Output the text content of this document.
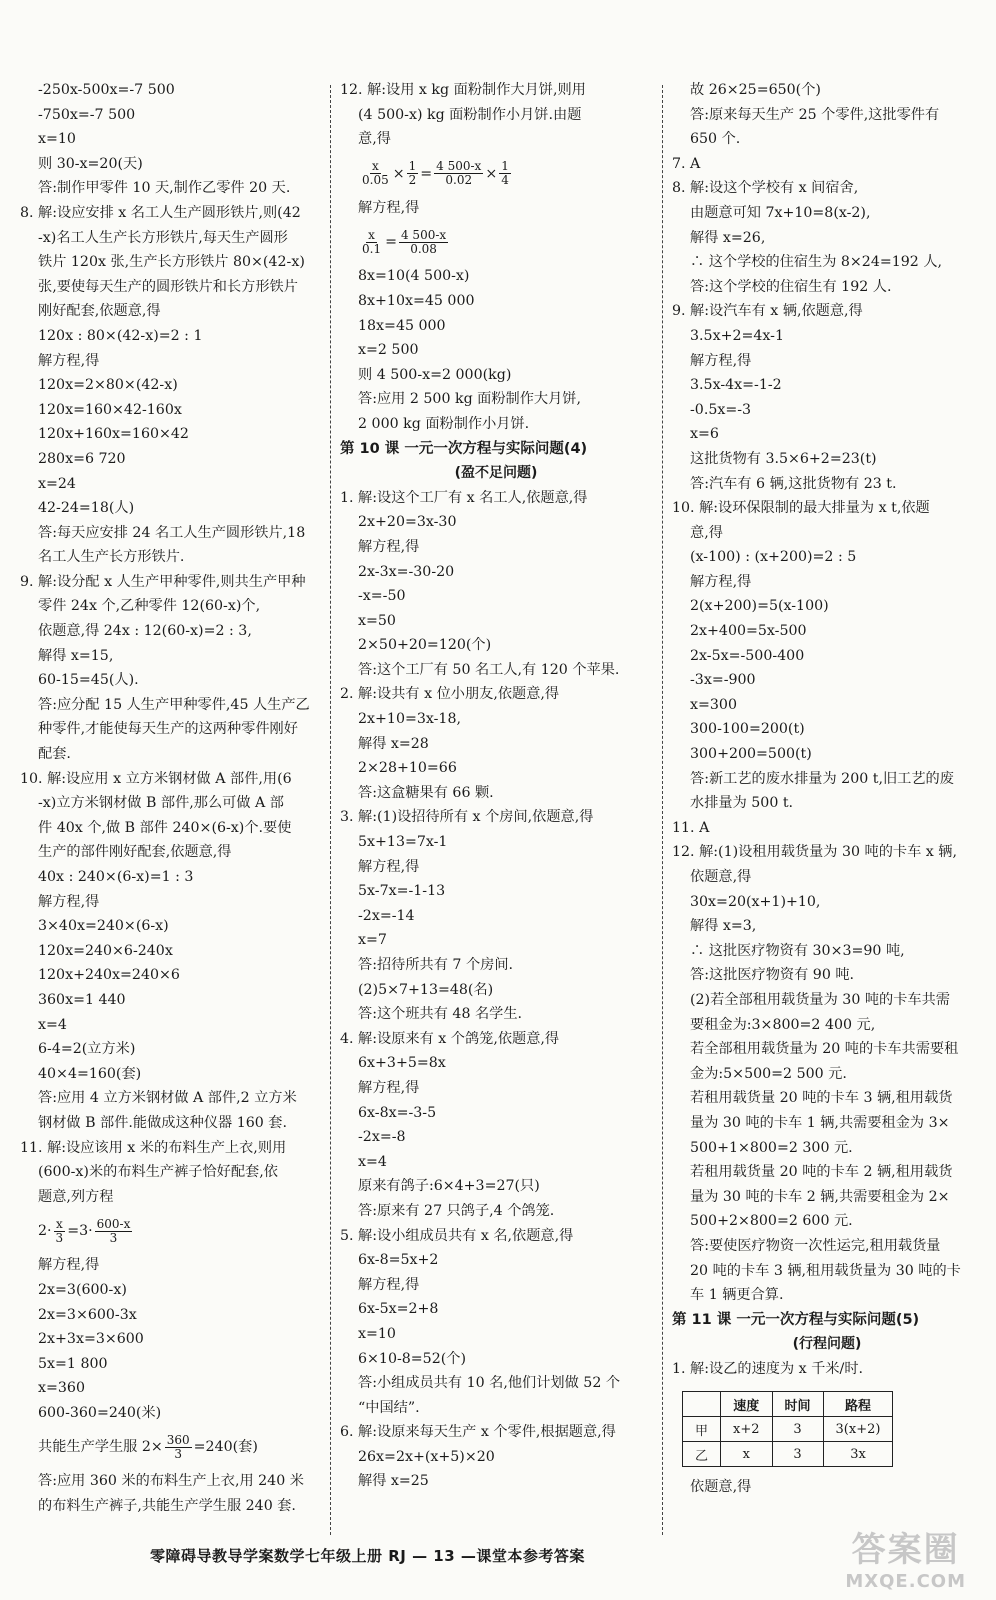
-250x-500x=-7 500
-750x=-7 500
x=10
则 30-x=20(天)
答:制作甲零件 10 天,制作乙零件 20 天.
8. 解:设应安排 x 名工人生产圆形铁片,则(42
-x)名工人生产长方形铁片,每天生产圆形
铁片 120x 张,生产长方形铁片 80×(42-x)
张,要使每天生产的圆形铁片和长方形铁片
刚好配套,依题意,得
120x : 80×(42-x)=2 : 1
解方程,得
120x=2×80×(42-x)
120x=160×42-160x
120x+160x=160×42
280x=6 720
x=24
42-24=18(人)
答:每天应安排 24 名工人生产圆形铁片,18
名工人生产长方形铁片.
9. 解:设分配 x 人生产甲种零件,则共生产甲种
零件 24x 个,乙种零件 12(60-x)个,
依题意,得 24x : 12(60-x)=2 : 3,
解得 x=15,
60-15=45(人).
答:应分配 15 人生产甲种零件,45 人生产乙
种零件,才能使每天生产的这两种零件刚好
配套.
10. 解:设应用 x 立方米钢材做 A 部件,用(6
-x)立方米钢材做 B 部件,那么可做 A 部
件 40x 个,做 B 部件 240×(6-x)个.要使
生产的部件刚好配套,依题意,得
40x : 240×(6-x)=1 : 3
解方程,得
3×40x=240×(6-x)
120x=240×6-240x
120x+240x=240×6
360x=1 440
x=4
6-4=2(立方米)
40×4=160(套)
答:应用 4 立方米钢材做 A 部件,2 立方米
钢材做 B 部件.能做成这种仪器 160 套.
11. 解:设应该用 x 米的布料生产上衣,则用
(600-x)米的布料生产裤子恰好配套,依
题意,列方程
$2\cdot \frac{x}{3} =3\cdot \frac{600-x}{3}$
解方程,得
2x=3(600-x)
2x=3×600-3x
2x+3x=3×600
5x=1 800
x=360
600-360=240(米)
共能生产学生服 $2\times \frac{360}{3} =240$(套)
答:应用 360 米的布料生产上衣,用 240 米
的布料生产裤子,共能生产学生服 240 套.
12. 解:设用 x kg 面粉制作大月饼,则用
(4 500-x) kg 面粉制作小月饼.由题
意,得
$\frac{x}{0.05} \times \frac{1}{2} = \frac{4 500-x}{0.02} \times \frac{1}{4}$
解方程,得
$\frac{x}{0.1} = \frac{4 500-x}{0.08}$
8x=10(4 500-x)
8x+10x=45 000
18x=45 000
x=2 500
则 4 500-x=2 000(kg)
答:应用 2 500 kg 面粉制作大月饼,
2 000 kg 面粉制作小月饼.
第 10 课 一元一次方程与实际问题(4)
(盈不足问题)
1. 解:设这个工厂有 x 名工人,依题意,得
2x+20=3x-30
解方程,得
2x-3x=-30-20
-x=-50
x=50
2×50+20=120(个)
答:这个工厂有 50 名工人,有 120 个苹果.
2. 解:设共有 x 位小朋友,依题意,得
2x+10=3x-18,
解得 x=28
2×28+10=66
答:这盒糖果有 66 颗.
3. 解:(1)设招待所有 x 个房间,依题意,得
5x+13=7x-1
解方程,得
5x-7x=-1-13
-2x=-14
x=7
答:招待所共有 7 个房间.
(2)5×7+13=48(名)
答:这个班共有 48 名学生.
4. 解:设原来有 x 个鸽笼,依题意,得
6x+3+5=8x
解方程,得
6x-8x=-3-5
-2x=-8
x=4
原来有鸽子:6×4+3=27(只)
答:原来有 27 只鸽子,4 个鸽笼.
5. 解:设小组成员共有 x 名,依题意,得
6x-8=5x+2
解方程,得
6x-5x=2+8
x=10
6×10-8=52(个)
答:小组成员共有 10 名,他们计划做 52 个
“中国结”.
6. 解:设原来每天生产 x 个零件,根据题意,得
26x=2x+(x+5)×20
解得 x=25
故 26×25=650(个)
答:原来每天生产 25 个零件,这批零件有
650 个.
7. A
8. 解:设这个学校有 x 间宿舍,
由题意可知 7x+10=8(x-2),
解得 x=26,
∴ 这个学校的住宿生为 8×24=192 人,
答:这个学校的住宿生有 192 人.
9. 解:设汽车有 x 辆,依题意,得
3.5x+2=4x-1
解方程,得
3.5x-4x=-1-2
-0.5x=-3
x=6
这批货物有 3.5×6+2=23(t)
答:汽车有 6 辆,这批货物有 23 t.
10. 解:设环保限制的最大排量为 x t,依题
意,得
(x-100) : (x+200)=2 : 5
解方程,得
2(x+200)=5(x-100)
2x+400=5x-500
2x-5x=-500-400
-3x=-900
x=300
300-100=200(t)
300+200=500(t)
答:新工艺的废水排量为 200 t,旧工艺的废
水排量为 500 t.
11. A
12. 解:(1)设租用载货量为 30 吨的卡车 x 辆,
依题意,得
30x=20(x+1)+10,
解得 x=3,
∴ 这批医疗物资有 30×3=90 吨,
答:这批医疗物资有 90 吨.
(2)若全部租用载货量为 30 吨的卡车共需
要租金为:3×800=2 400 元,
若全部租用载货量为 20 吨的卡车共需要租
金为:5×500=2 500 元.
若租用载货量 20 吨的卡车 3 辆,租用载货
量为 30 吨的卡车 1 辆,共需要租金为 3×
500+1×800=2 300 元.
若租用载货量 20 吨的卡车 2 辆,租用载货
量为 30 吨的卡车 2 辆,共需要租金为 2×
500+2×800=2 600 元.
答:要使医疗物资一次性运完,租用载货量
20 吨的卡车 3 辆,租用载货量为 30 吨的卡
车 1 辆更合算.
第 11 课 一元一次方程与实际问题(5)
(行程问题)
1. 解:设乙的速度为 x 千米/时.
	速度	时间	路程
甲	x+2	3	3(x+2)
乙	x	3	3x
依题意,得
零障碍导教导学案数学七年级上册 RJ — 13 —课堂本参考答案	答案圈
MXQE.COM
